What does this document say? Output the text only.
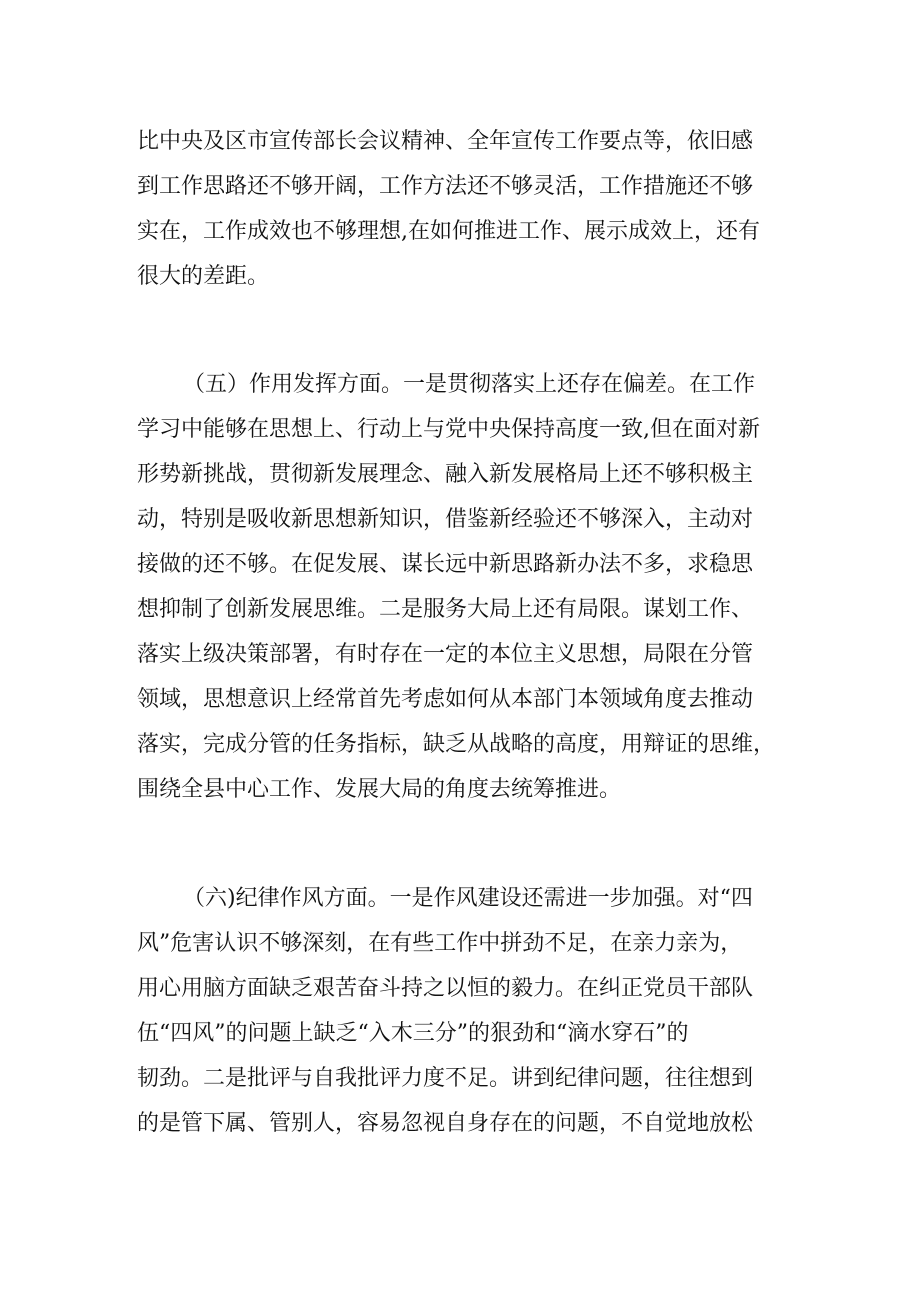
比中央及区市宣传部长会议精神、全年宣传工作要点等，依旧感
到工作思路还不够开阔，工作方法还不够灵活，工作措施还不够
实在，工作成效也不够理想,在如何推进工作、展示成效上，还有
很大的差距。
（五）作用发挥方面。一是贯彻落实上还存在偏差。在工作
学习中能够在思想上、行动上与党中央保持高度一致,但在面对新
形势新挑战，贯彻新发展理念、融入新发展格局上还不够积极主
动，特别是吸收新思想新知识，借鉴新经验还不够深入，主动对
接做的还不够。在促发展、谋长远中新思路新办法不多，求稳思
想抑制了创新发展思维。二是服务大局上还有局限。谋划工作、
落实上级决策部署，有时存在一定的本位主义思想，局限在分管
领域，思想意识上经常首先考虑如何从本部门本领域角度去推动
落实，完成分管的任务指标，缺乏从战略的高度，用辩证的思维，
围绕全县中心工作、发展大局的角度去统筹推进。
（六)纪律作风方面。一是作风建设还需进一步加强。对“四
风”危害认识不够深刻，在有些工作中拼劲不足，在亲力亲为，
用心用脑方面缺乏艰苦奋斗持之以恒的毅力。在纠正党员干部队
伍“四风”的问题上缺乏“入木三分”的狠劲和“滴水穿石”的
韧劲。二是批评与自我批评力度不足。讲到纪律问题，往往想到
的是管下属、管别人，容易忽视自身存在的问题，不自觉地放松
